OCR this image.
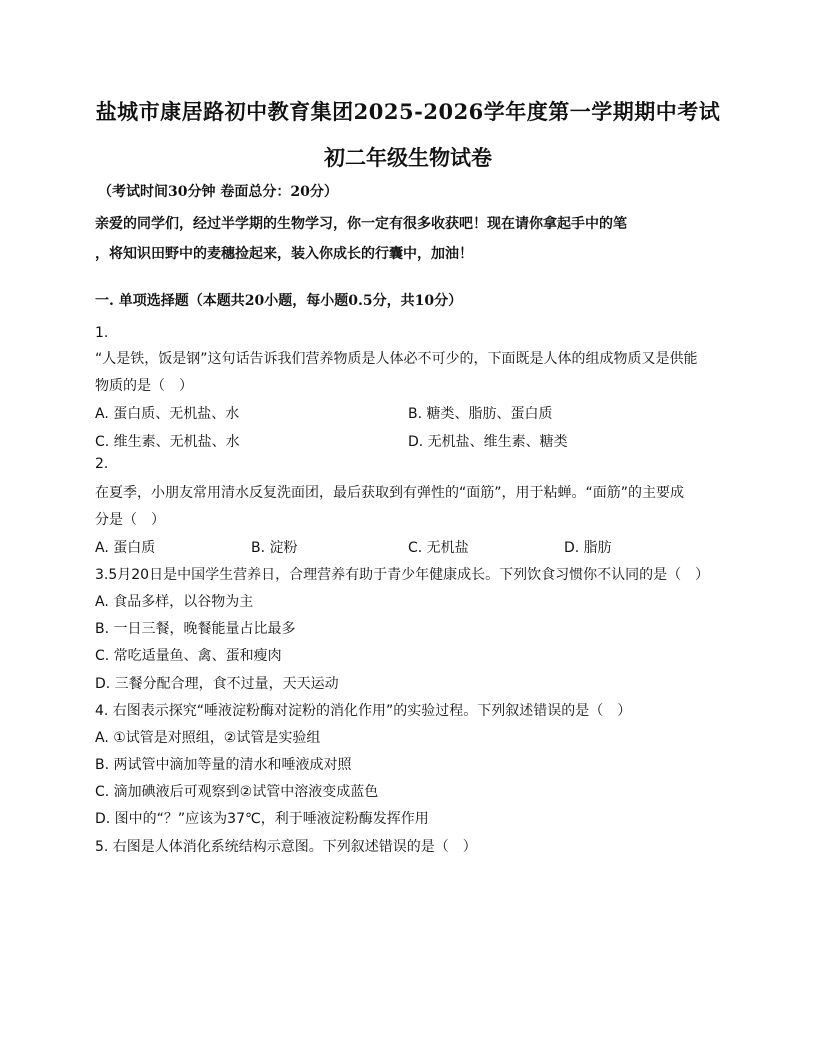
盐城市康居路初中教育集团2025-2026学年度第一学期期中考试
初二年级生物试卷
（考试时间30分钟 卷面总分：20分）
亲爱的同学们，经过半学期的生物学习，你一定有很多收获吧！现在请你拿起手中的笔
，将知识田野中的麦穗捡起来，装入你成长的行囊中，加油！
一. 单项选择题（本题共20小题，每小题0.5分，共10分）
1.
“人是铁，饭是钢”这句话告诉我们营养物质是人体必不可少的，下面既是人体的组成物质又是供能
物质的是（　）
A. 蛋白质、无机盐、水	B. 糖类、脂肪、蛋白质
C. 维生素、无机盐、水	D. 无机盐、维生素、糖类
2.
在夏季，小朋友常用清水反复洗面团，最后获取到有弹性的“面筋”，用于粘蝉。“面筋”的主要成
分是（　）
A. 蛋白质	B. 淀粉	C. 无机盐	D. 脂肪
3.5月20日是中国学生营养日，合理营养有助于青少年健康成长。下列饮食习惯你不认同的是（　）
A. 食品多样，以谷物为主
B. 一日三餐，晚餐能量占比最多
C. 常吃适量鱼、禽、蛋和瘦肉
D. 三餐分配合理，食不过量，天天运动
4. 右图表示探究“唾液淀粉酶对淀粉的消化作用”的实验过程。下列叙述错误的是（　）
A. ①试管是对照组，②试管是实验组
B. 两试管中滴加等量的清水和唾液成对照
C. 滴加碘液后可观察到②试管中溶液变成蓝色
D. 图中的“？”应该为37℃，利于唾液淀粉酶发挥作用
5. 右图是人体消化系统结构示意图。下列叙述错误的是（　）
